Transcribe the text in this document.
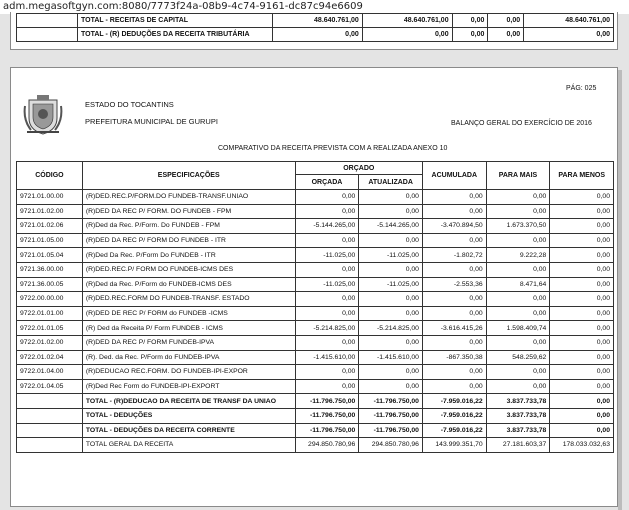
adm.megasoftgyn.com:8080/7773f24a-08b9-4c74-9161-dc87c94e6609
	TOTAL - RECEITAS DE CAPITAL	48.640.761,00	48.640.761,00	0,00	0,00	48.640.761,00
	TOTAL - (R) DEDUÇÕES DA RECEITA TRIBUTÁRIA	0,00	0,00	0,00	0,00	0,00
ESTADO DO TOCANTINS
PREFEITURA MUNICIPAL DE GURUPI
PÁG: 025
BALANÇO GERAL DO EXERCÍCIO DE 2016
COMPARATIVO DA RECEITA PREVISTA COM A REALIZADA ANEXO 10
CÓDIGO	ESPECIFICAÇÕES	ORÇADO		ACUMULADA	PARA MAIS	PARA MENOS
		ORÇADA	ATUALIZADA			
9721.01.00.00	(R)DED.REC.P/FORM.DO FUNDEB-TRANSF.UNIAO	0,00	0,00	0,00	0,00	0,00
9721.01.02.00	(R)DED DA REC P/ FORM. DO FUNDEB - FPM	0,00	0,00	0,00	0,00	0,00
9721.01.02.06	(R)Ded da Rec. P/Form. Do FUNDEB - FPM	-5.144.265,00	-5.144.265,00	-3.470.894,50	1.673.370,50	0,00
9721.01.05.00	(R)DED DA REC P/ FORM DO FUNDEB - ITR	0,00	0,00	0,00	0,00	0,00
9721.01.05.04	(R)Ded Da Rec. P/Form Do FUNDEB - ITR	-11.025,00	-11.025,00	-1.802,72	9.222,28	0,00
9721.36.00.00	(R)DED.REC.P/ FORM DO FUNDEB-ICMS DES	0,00	0,00	0,00	0,00	0,00
9721.36.00.05	(R)Ded da Rec. P/Form do FUNDEB-ICMS DES	-11.025,00	-11.025,00	-2.553,36	8.471,64	0,00
9722.00.00.00	(R)DED.REC.FORM DO FUNDEB-TRANSF. ESTADO	0,00	0,00	0,00	0,00	0,00
9722.01.01.00	(R)DED DE REC P/ FORM do FUNDEB -ICMS	0,00	0,00	0,00	0,00	0,00
9722.01.01.05	(R) Ded da Receita P/ Form FUNDEB - ICMS	-5.214.825,00	-5.214.825,00	-3.616.415,26	1.598.409,74	0,00
9722.01.02.00	(R)DED DA REC P/ FORM FUNDEB-IPVA	0,00	0,00	0,00	0,00	0,00
9722.01.02.04	(R). Ded. da Rec. P/Form do FUNDEB-IPVA	-1.415.610,00	-1.415.610,00	-867.350,38	548.259,62	0,00
9722.01.04.00	(R)DEDUCAO REC.FORM. DO FUNDEB-IPI-EXPOR	0,00	0,00	0,00	0,00	0,00
9722.01.04.05	(R)Ded Rec Form do FUNDEB-IPI-EXPORT	0,00	0,00	0,00	0,00	0,00
	TOTAL - (R)DEDUCAO DA RECEITA DE TRANSF DA UNIAO	-11.796.750,00	-11.796.750,00	-7.959.016,22	3.837.733,78	0,00
	TOTAL - DEDUÇÕES	-11.796.750,00	-11.796.750,00	-7.959.016,22	3.837.733,78	0,00
	TOTAL - DEDUÇÕES DA RECEITA CORRENTE	-11.796.750,00	-11.796.750,00	-7.959.016,22	3.837.733,78	0,00
	TOTAL GERAL DA RECEITA	294.850.780,96	294.850.780,96	143.999.351,70	27.181.603,37	178.033.032,63
